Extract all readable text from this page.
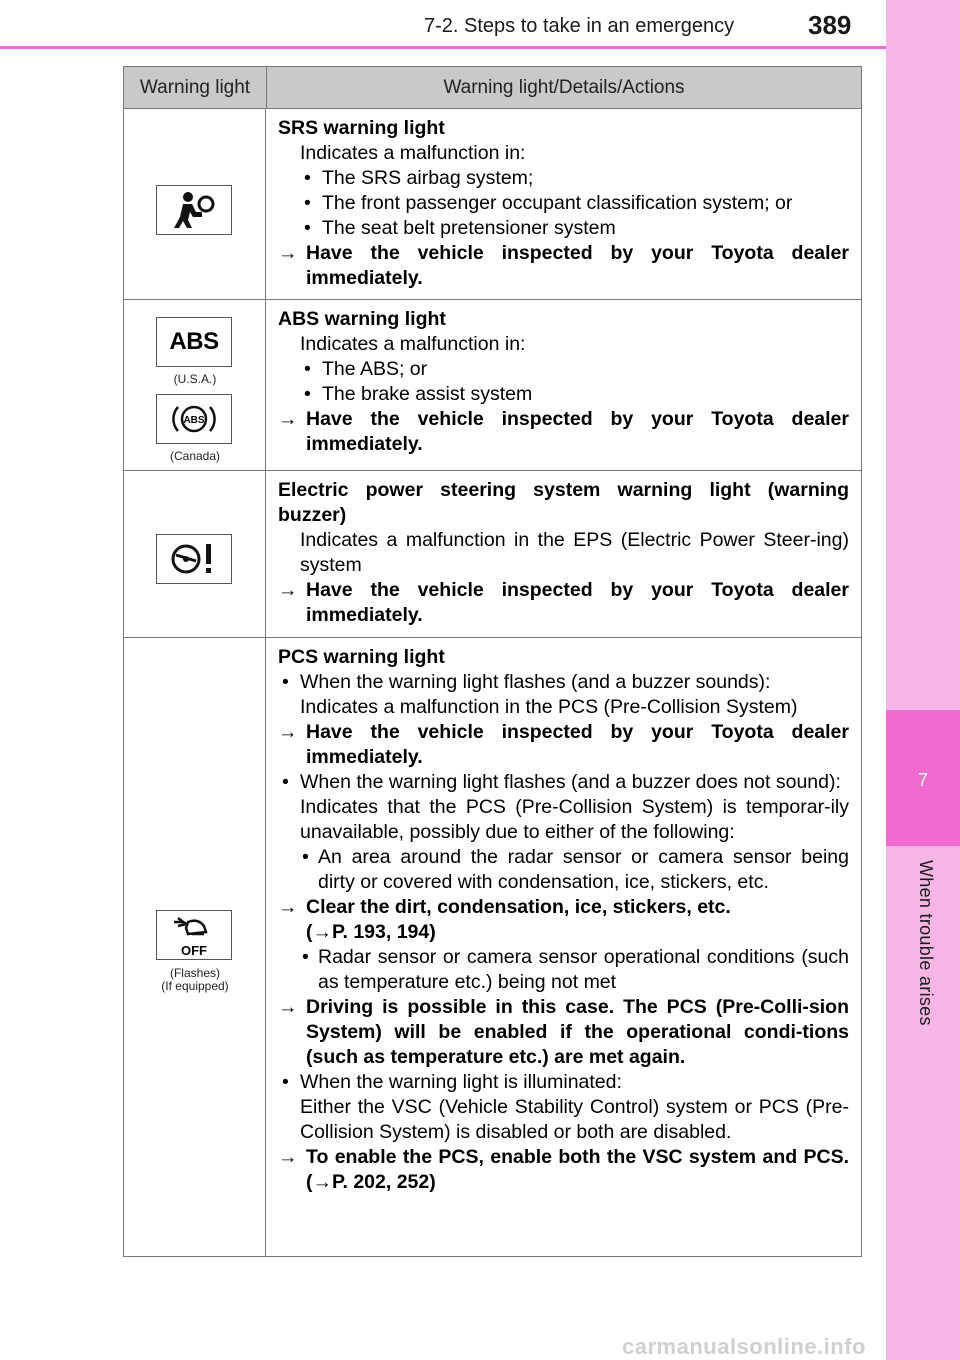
7-2. Steps to take in an emergency	389
7
When trouble arises
Warning light	Warning light/Details/Actions
SRS warning light
Indicates a malfunction in:
• The SRS airbag system;
• The front passenger occupant classification system; or
• The seat belt pretensioner system
→ Have the vehicle inspected by your Toyota dealer immediately.
ABS
(U.S.A.)
ABS
(Canada)
ABS warning light
Indicates a malfunction in:
• The ABS; or
• The brake assist system
→ Have the vehicle inspected by your Toyota dealer immediately.
Electric power steering system warning light (warning buzzer)
Indicates a malfunction in the EPS (Electric Power Steer-ing) system
→ Have the vehicle inspected by your Toyota dealer immediately.
OFF
(Flashes)
(If equipped)
PCS warning light
• When the warning light flashes (and a buzzer sounds):
Indicates a malfunction in the PCS (Pre-Collision System)
→ Have the vehicle inspected by your Toyota dealer immediately.
• When the warning light flashes (and a buzzer does not sound):
Indicates that the PCS (Pre-Collision System) is temporar-ily unavailable, possibly due to either of the following:
• An area around the radar sensor or camera sensor being dirty or covered with condensation, ice, stickers, etc.
→ Clear the dirt, condensation, ice, stickers, etc.
(→P. 193, 194)
• Radar sensor or camera sensor operational conditions (such as temperature etc.) being not met
→ Driving is possible in this case. The PCS (Pre-Colli-sion System) will be enabled if the operational condi-tions (such as temperature etc.) are met again.
• When the warning light is illuminated:
Either the VSC (Vehicle Stability Control) system or PCS (Pre-Collision System) is disabled or both are disabled.
→ To enable the PCS, enable both the VSC system and PCS. (→P. 202, 252)
carmanualsonline.info
